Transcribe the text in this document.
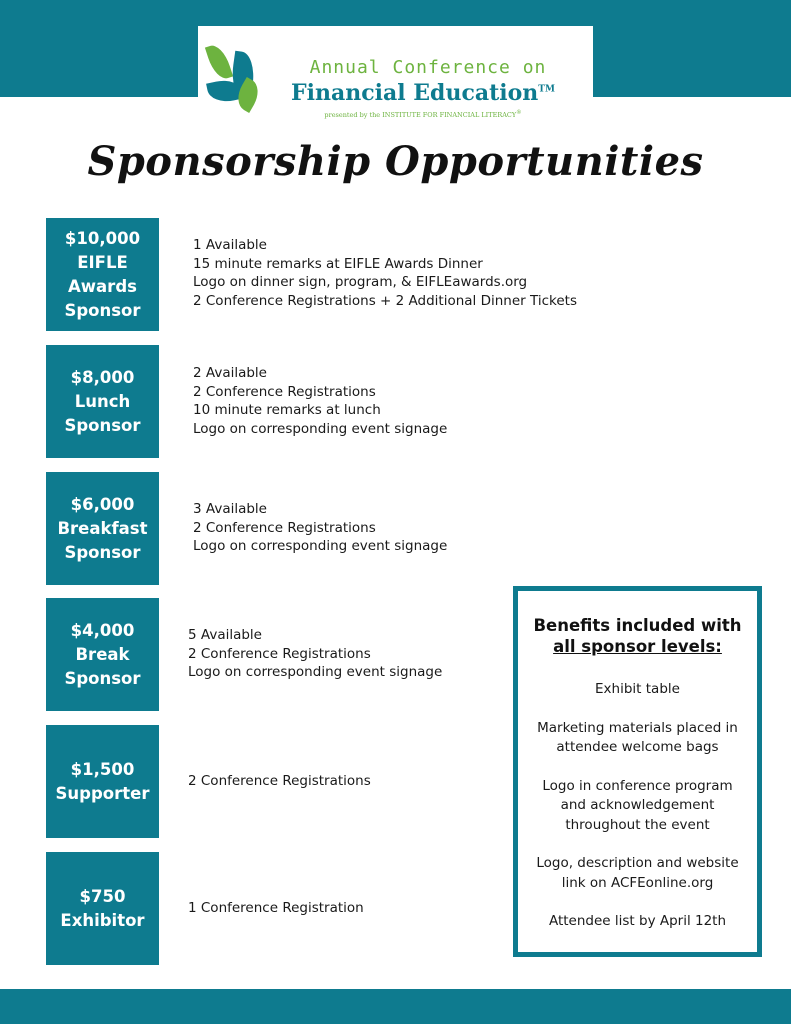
Annual Conference on
Financial Education™
presented by the INSTITUTE FOR FINANCIAL LITERACY®
Sponsorship Opportunities
$10,000
EIFLE
Awards
Sponsor
1 Available
15 minute remarks at EIFLE Awards Dinner
Logo on dinner sign, program, & EIFLEawards.org
2 Conference Registrations + 2 Additional Dinner Tickets
$8,000
Lunch
Sponsor
2 Available
2 Conference Registrations
10 minute remarks at lunch
Logo on corresponding event signage
$6,000
Breakfast
Sponsor
3 Available
2 Conference Registrations
Logo on corresponding event signage
$4,000
Break
Sponsor
5 Available
2 Conference Registrations
Logo on corresponding event signage
$1,500
Supporter
2 Conference Registrations
$750
Exhibitor
1 Conference Registration
Benefits included with
all sponsor levels:
Exhibit table
Marketing materials placed in
attendee welcome bags
Logo in conference program
and acknowledgement
throughout the event
Logo, description and website
link on ACFEonline.org
Attendee list by April 12th
